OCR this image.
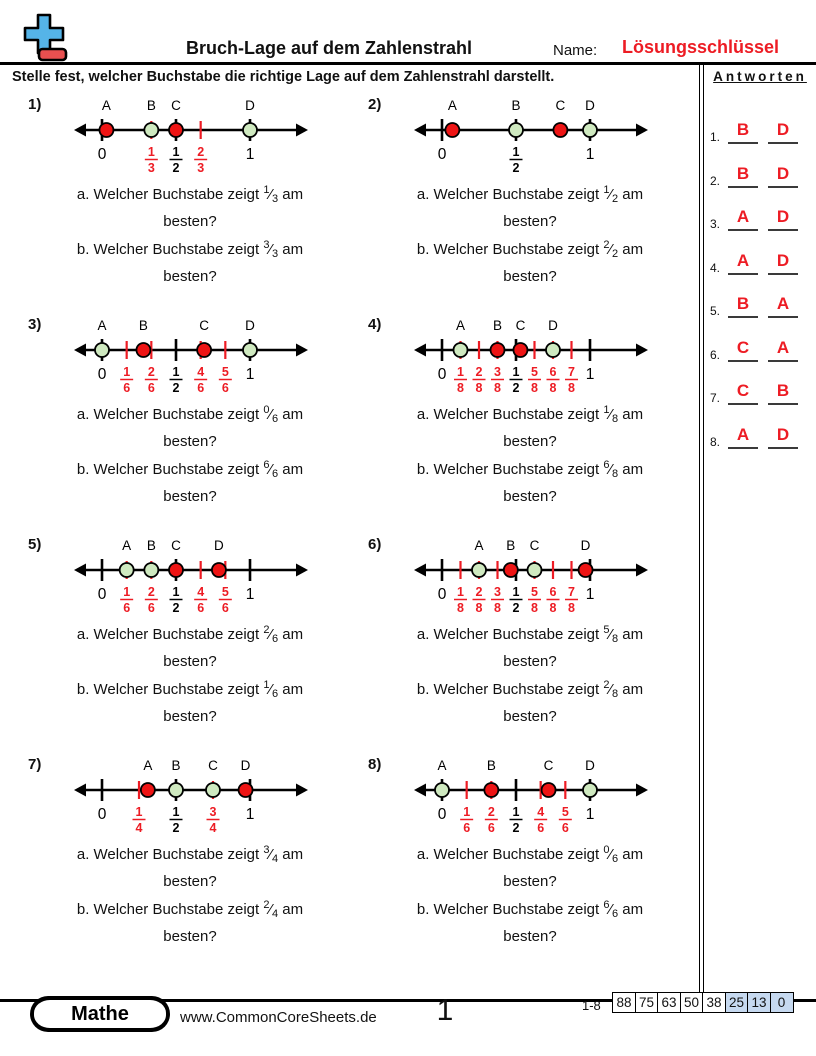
Bruch-Lage auf dem Zahlenstrahl	Name: Lösungsschlüssel
Stelle fest, welcher Buchstabe die richtige Lage auf dem Zahlenstrahl darstellt.
1)
0	1
3
1
2
2
3
1
A	B C	D
a. Welcher Buchstabe zeigt $^1⁄_3$ am
besten?
b. Welcher Buchstabe zeigt $^3⁄_3$ am
besten?
2)
0	1
2
1
A	B	C D
a. Welcher Buchstabe zeigt $^1⁄_2$ am
besten?
b. Welcher Buchstabe zeigt $^2⁄_2$ am
besten?
3)
0 1
6
2
6
1
2
4
6
5
6
1
A B	C	D
a. Welcher Buchstabe zeigt $^0⁄_6$ am
besten?
b. Welcher Buchstabe zeigt $^6⁄_6$ am
besten?
4)
0 1
8
2
8
3
8
1
2
5
8
6
8
7
8
1
A B C D
a. Welcher Buchstabe zeigt $^1⁄_8$ am
besten?
b. Welcher Buchstabe zeigt $^6⁄_8$ am
besten?
5)
0 1
6
2
6
1
2
4
6
5
6
1
A B C D
a. Welcher Buchstabe zeigt $^2⁄_6$ am
besten?
b. Welcher Buchstabe zeigt $^1⁄_6$ am
besten?
6)
0 1
8
2
8
3
8
1
2
5
8
6
8
7
8
1
A B C	D
a. Welcher Buchstabe zeigt $^5⁄_8$ am
besten?
b. Welcher Buchstabe zeigt $^2⁄_8$ am
besten?
7)
0 1
4
1
2
3
4
1
A B C D
a. Welcher Buchstabe zeigt $^3⁄_4$ am
besten?
b. Welcher Buchstabe zeigt $^2⁄_4$ am
besten?
8)
0 1
6
2
6
1
2
4
6
5
6
1
A	B	C D
a. Welcher Buchstabe zeigt $^0⁄_6$ am
besten?
b. Welcher Buchstabe zeigt $^6⁄_6$ am
besten?
Antworten
1. B	D
2. B	D
3. A	D
4. A	D
5. B	A
6. C	A
7. C	B
8. A	D
Mathe	www.CommonCoreSheets.de	1	1-8	88 75 63 50 38 25 13 0
